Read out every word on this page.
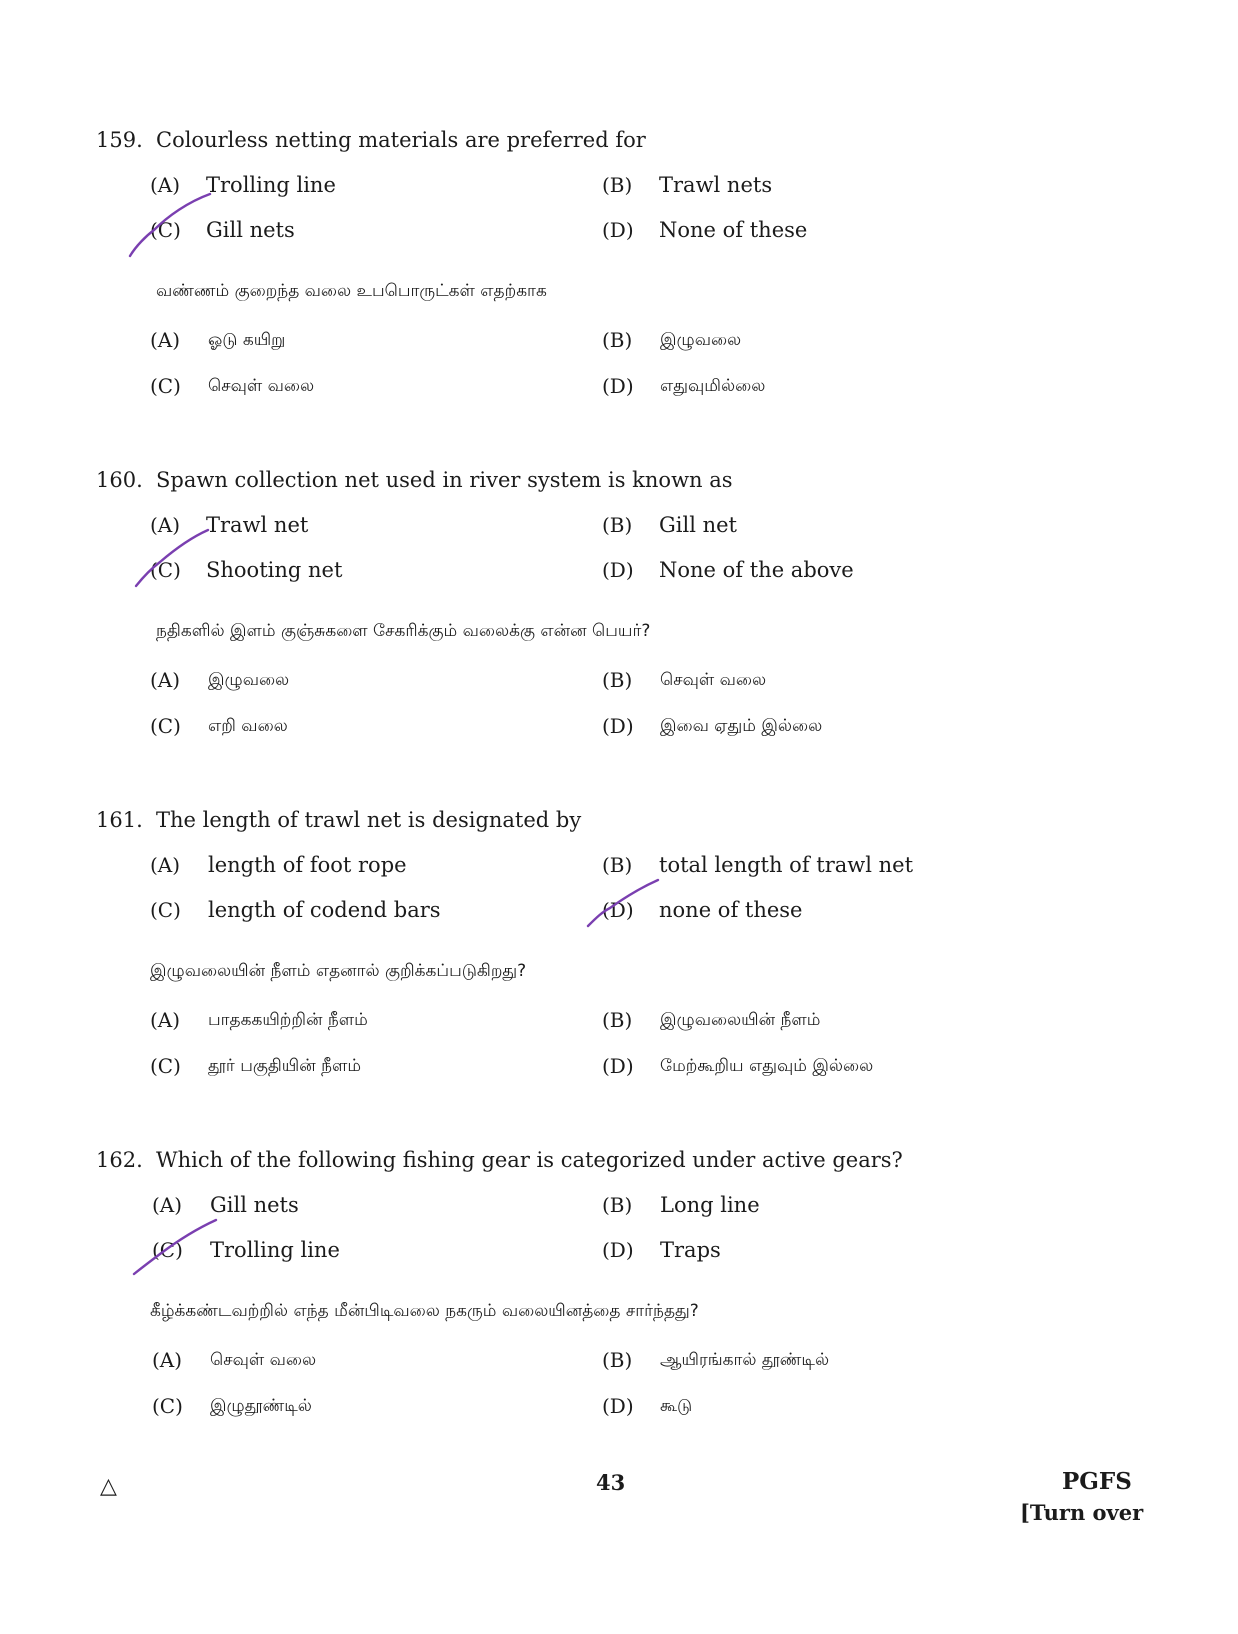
159. Colourless netting materials are preferred for
(A) Trolling line	(B) Trawl nets
(C) Gill nets	(D) None of these
வண்ணம் குறைந்த வலை உபபொருட்கள் எதற்காக
(A) ஓடு கயிறு	(B) இழுவலை
(C) செவுள் வலை	(D) எதுவுமில்லை
160. Spawn collection net used in river system is known as
(A) Trawl net	(B) Gill net
(C) Shooting net	(D) None of the above
நதிகளில் இளம் குஞ்சுகளை சேகரிக்கும் வலைக்கு என்ன பெயர்?
(A) இழுவலை	(B) செவுள் வலை
(C) எறி வலை	(D) இவை ஏதும் இல்லை
161. The length of trawl net is designated by
(A) length of foot rope	(B) total length of trawl net
(C) length of codend bars	(D) none of these
இழுவலையின் நீளம் எதனால் குறிக்கப்படுகிறது?
(A) பாதககயிற்றின் நீளம்	(B) இழுவலையின் நீளம்
(C) தூர் பகுதியின் நீளம்	(D) மேற்கூறிய எதுவும் இல்லை
162. Which of the following fishing gear is categorized under active gears?
(A) Gill nets	(B) Long line
(C) Trolling line	(D) Traps
கீழ்க்கண்டவற்றில் எந்த மீன்பிடிவலை நகரும் வலையினத்தை சார்ந்தது?
(A) செவுள் வலை	(B) ஆயிரங்கால் தூண்டில்
(C) இழுதூண்டில்	(D) கூடு
△	43	PGFS
[Turn over
